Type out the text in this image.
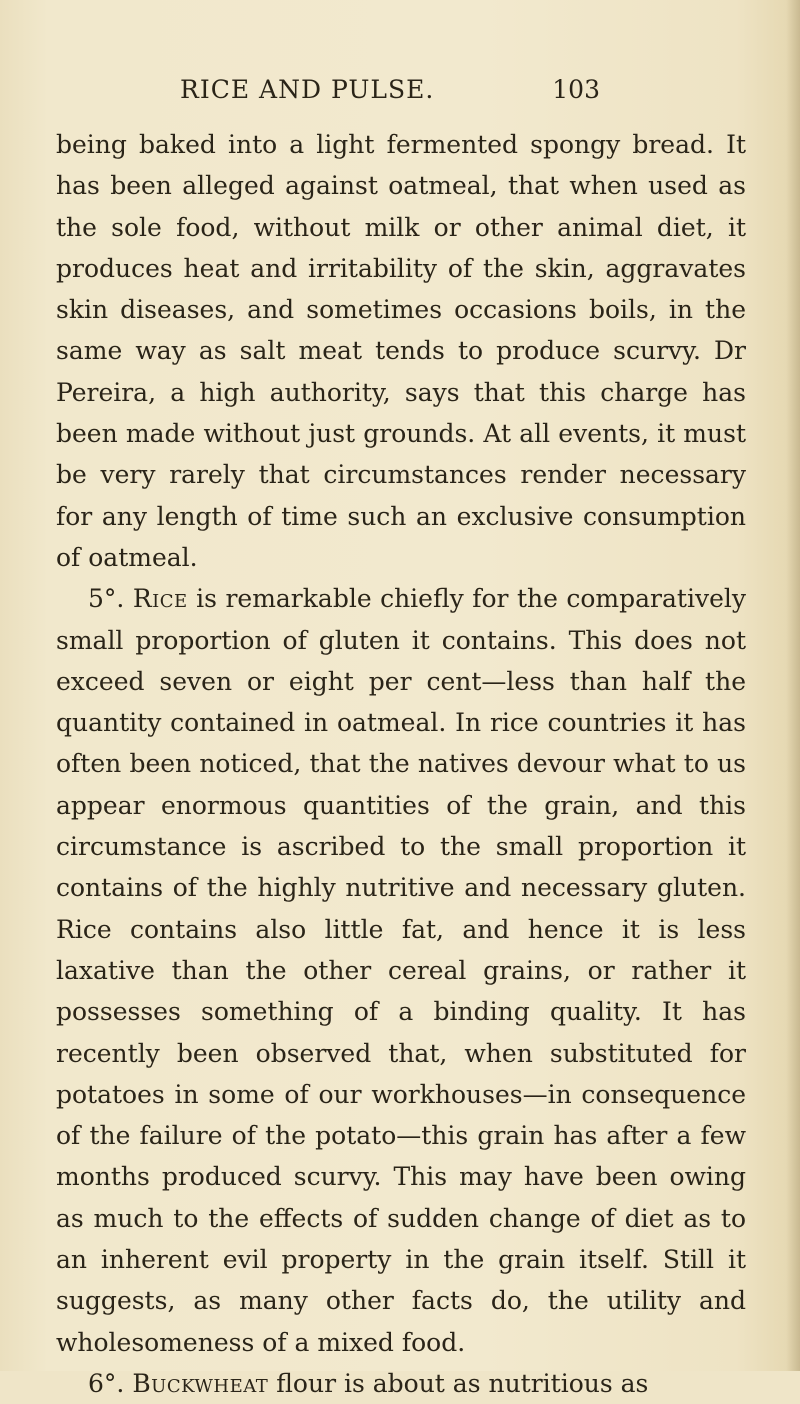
RICE AND PULSE.	103

being baked into a light fermented spongy bread. It has been alleged against oatmeal, that when used as the sole food, without milk or other animal diet, it produces heat and irritability of the skin, aggravates skin diseases, and sometimes occasions boils, in the same way as salt meat tends to produce scurvy. Dr Pereira, a high authority, says that this charge has been made without just grounds. At all events, it must be very rarely that circumstances render necessary for any length of time such an exclusive consumption of oatmeal.

5°. Rice is remarkable chiefly for the comparatively small proportion of gluten it contains. This does not exceed seven or eight per cent—less than half the quantity contained in oatmeal. In rice countries it has often been noticed, that the natives devour what to us appear enormous quantities of the grain, and this circumstance is ascribed to the small proportion it contains of the highly nutritive and necessary gluten. Rice contains also little fat, and hence it is less laxative than the other cereal grains, or rather it possesses something of a binding quality. It has recently been observed that, when substituted for potatoes in some of our workhouses—in consequence of the failure of the potato—this grain has after a few months produced scurvy. This may have been owing as much to the effects of sudden change of diet as to an inherent evil property in the grain itself. Still it suggests, as many other facts do, the utility and wholesomeness of a mixed food.

6°. Buckwheat flour is about as nutritious as
